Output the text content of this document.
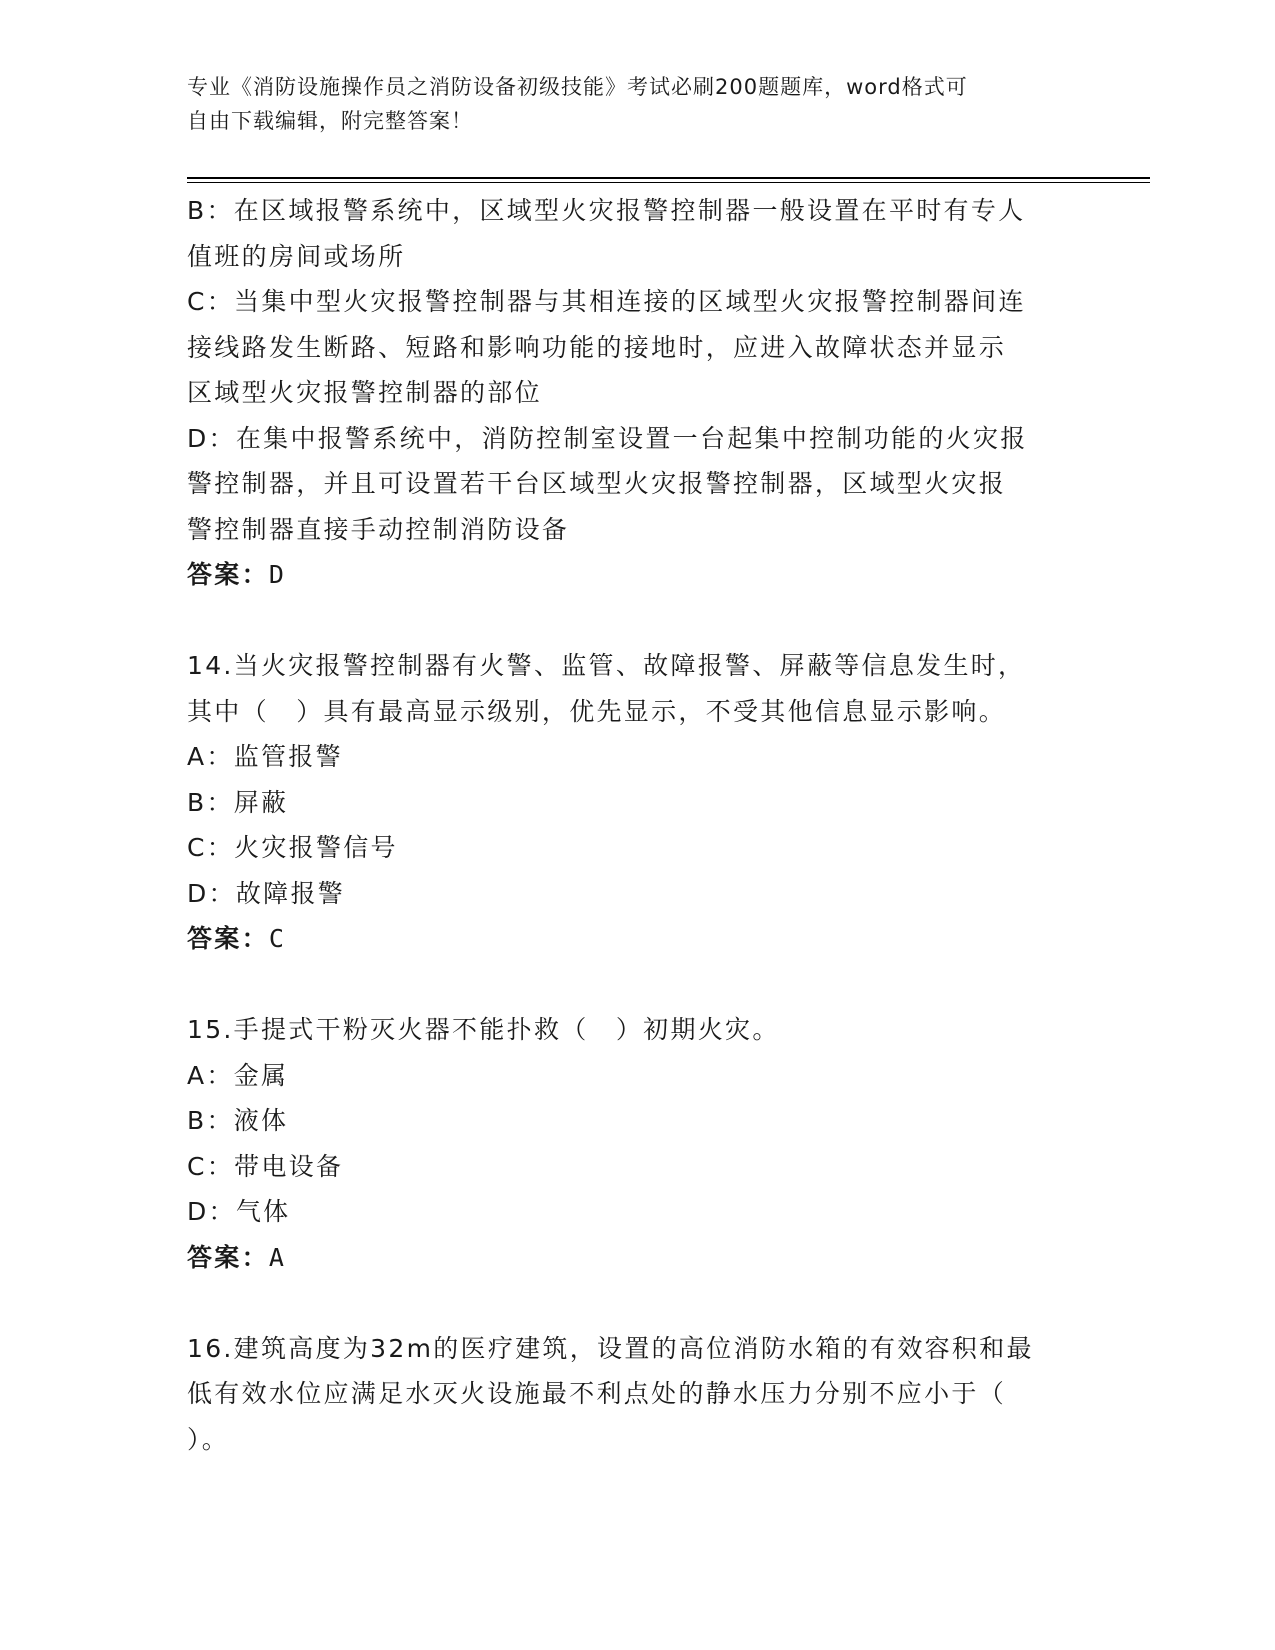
专业《消防设施操作员之消防设备初级技能》考试必刷200题题库，word格式可
自由下载编辑，附完整答案！
B：在区域报警系统中，区域型火灾报警控制器一般设置在平时有专人
值班的房间或场所
C：当集中型火灾报警控制器与其相连接的区域型火灾报警控制器间连
接线路发生断路、短路和影响功能的接地时，应进入故障状态并显示
区域型火灾报警控制器的部位
D：在集中报警系统中，消防控制室设置一台起集中控制功能的火灾报
警控制器，并且可设置若干台区域型火灾报警控制器，区域型火灾报
警控制器直接手动控制消防设备
答案：D
14.当火灾报警控制器有火警、监管、故障报警、屏蔽等信息发生时，
其中（　）具有最高显示级别，优先显示，不受其他信息显示影响。
A：监管报警
B：屏蔽
C：火灾报警信号
D：故障报警
答案：C
15.手提式干粉灭火器不能扑救（　）初期火灾。
A：金属
B：液体
C：带电设备
D：气体
答案：A
16.建筑高度为32m的医疗建筑，设置的高位消防水箱的有效容积和最
低有效水位应满足水灭火设施最不利点处的静水压力分别不应小于（
）。
